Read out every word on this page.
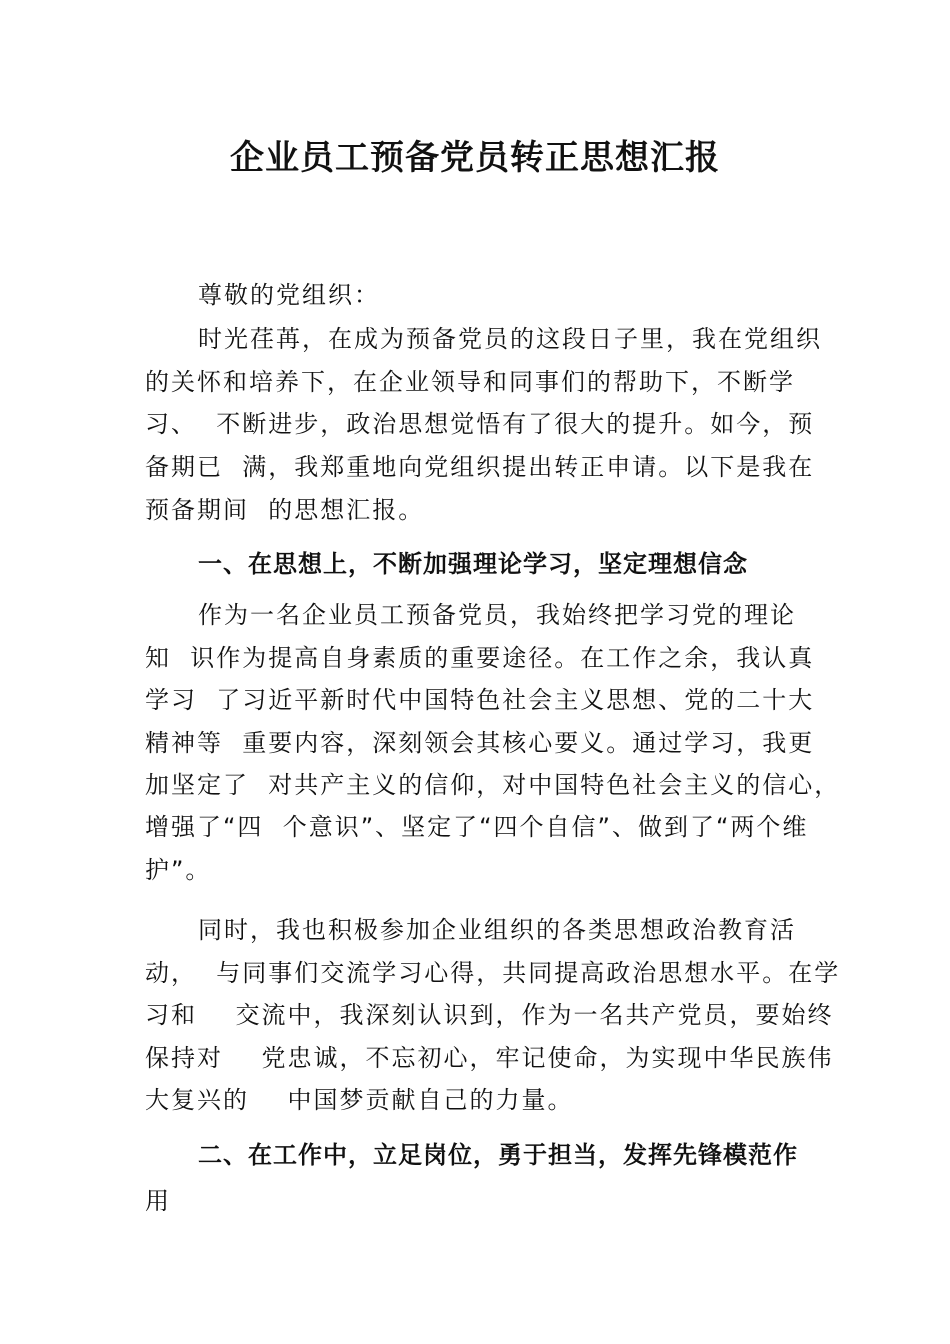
企业员工预备党员转正思想汇报
尊敬的党组织：
时光荏苒，在成为预备党员的这段日子里，我在党组织
的关怀和培养下，在企业领导和同事们的帮助下，不断学
习、  不断进步，政治思想觉悟有了很大的提升。如今，预
备期已  满，我郑重地向党组织提出转正申请。以下是我在
预备期间  的思想汇报。
一、在思想上，不断加强理论学习，坚定理想信念
作为一名企业员工预备党员，我始终把学习党的理论
知  识作为提高自身素质的重要途径。在工作之余，我认真
学习  了习近平新时代中国特色社会主义思想、党的二十大
精神等  重要内容，深刻领会其核心要义。通过学习，我更
加坚定了  对共产主义的信仰，对中国特色社会主义的信心，
增强了“四  个意识”、坚定了“四个自信”、做到了“两个维
护”。
同时，我也积极参加企业组织的各类思想政治教育活
动，  与同事们交流学习心得，共同提高政治思想水平。在学
习和    交流中，我深刻认识到，作为一名共产党员，要始终
保持对    党忠诚，不忘初心，牢记使命，为实现中华民族伟
大复兴的    中国梦贡献自己的力量。
二、在工作中，立足岗位，勇于担当，发挥先锋模范作
用
